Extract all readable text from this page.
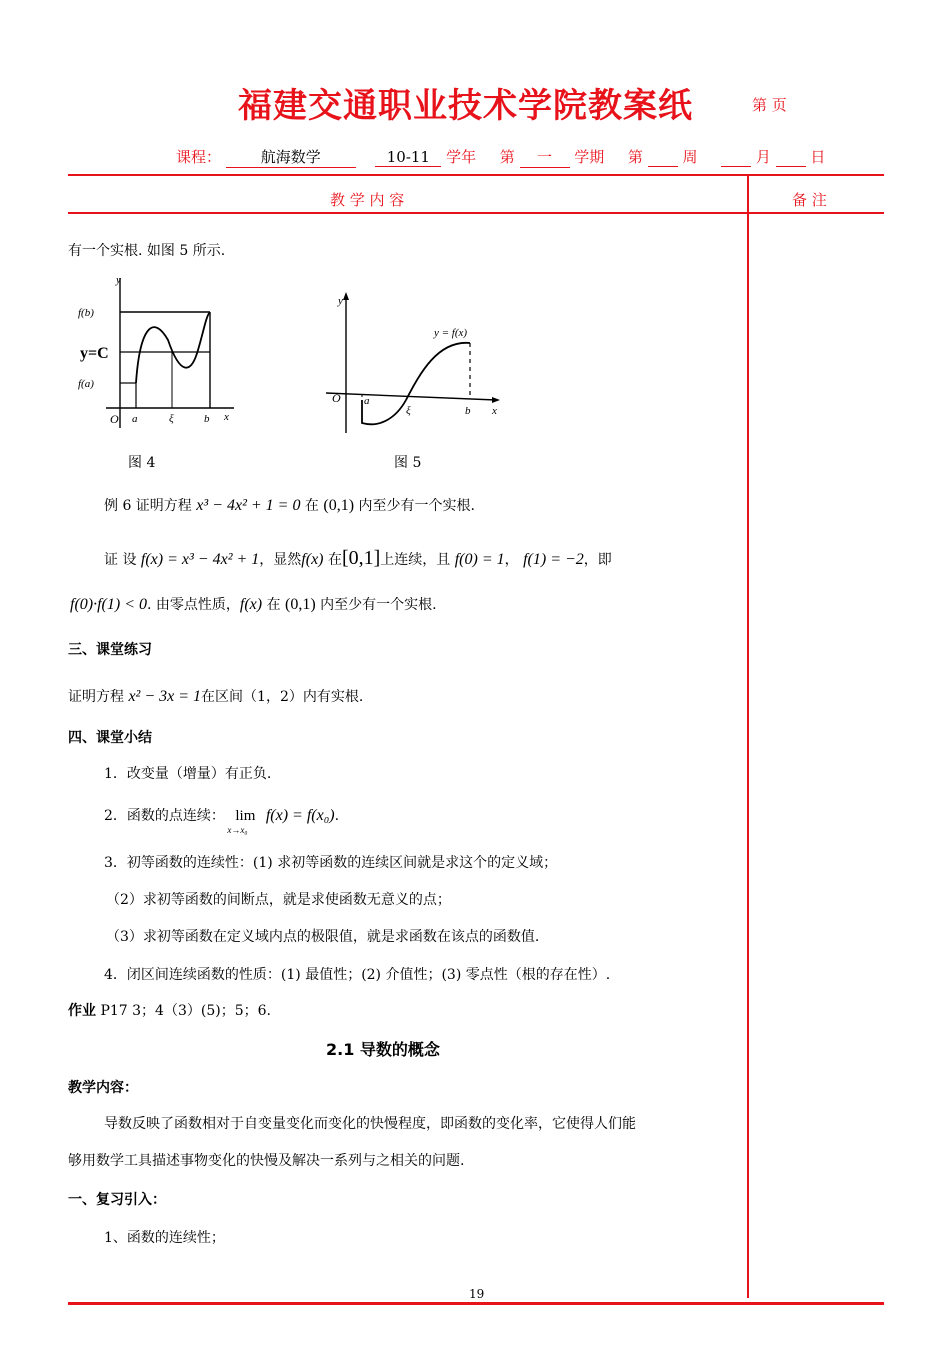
福建交通职业技术学院教案纸	第 页
课程：	航海数学	10-11 学年 第 一 学期 第	周	月	日
教 学 内 容	备 注
有一个实根. 如图 5 所示.
y
f(b)
y=C
f(a)
O a	ξ	b x
y
y = f(x)
O a
ξ	b x
图 4	图 5
例 6 证明方程 x³ − 4x² + 1 = 0 在 (0,1) 内至少有一个实根.
证 设 f(x) = x³ − 4x² + 1，显然f(x) 在[0,1]上连续，且 f(0) = 1， f(1) = −2，即
f(0)·f(1) < 0. 由零点性质，f(x) 在 (0,1) 内至少有一个实根.
三、课堂练习
证明方程 x² − 3x = 1在区间（1，2）内有实根.
四、课堂小结
1．改变量（增量）有正负.
2．函数的点连续： lim
x→x₀
f(x) = f(x₀).
3．初等函数的连续性：(1) 求初等函数的连续区间就是求这个的定义域；
（2）求初等函数的间断点，就是求使函数无意义的点；
（3）求初等函数在定义域内点的极限值，就是求函数在该点的函数值.
4．闭区间连续函数的性质：(1) 最值性；(2) 介值性；(3) 零点性（根的存在性）.
作业 P17 3；4（3）(5)；5；6.
2.1 导数的概念
教学内容：
导数反映了函数相对于自变量变化而变化的快慢程度，即函数的变化率，它使得人们能
够用数学工具描述事物变化的快慢及解决一系列与之相关的问题.
一、复习引入：
1、函数的连续性；
19
